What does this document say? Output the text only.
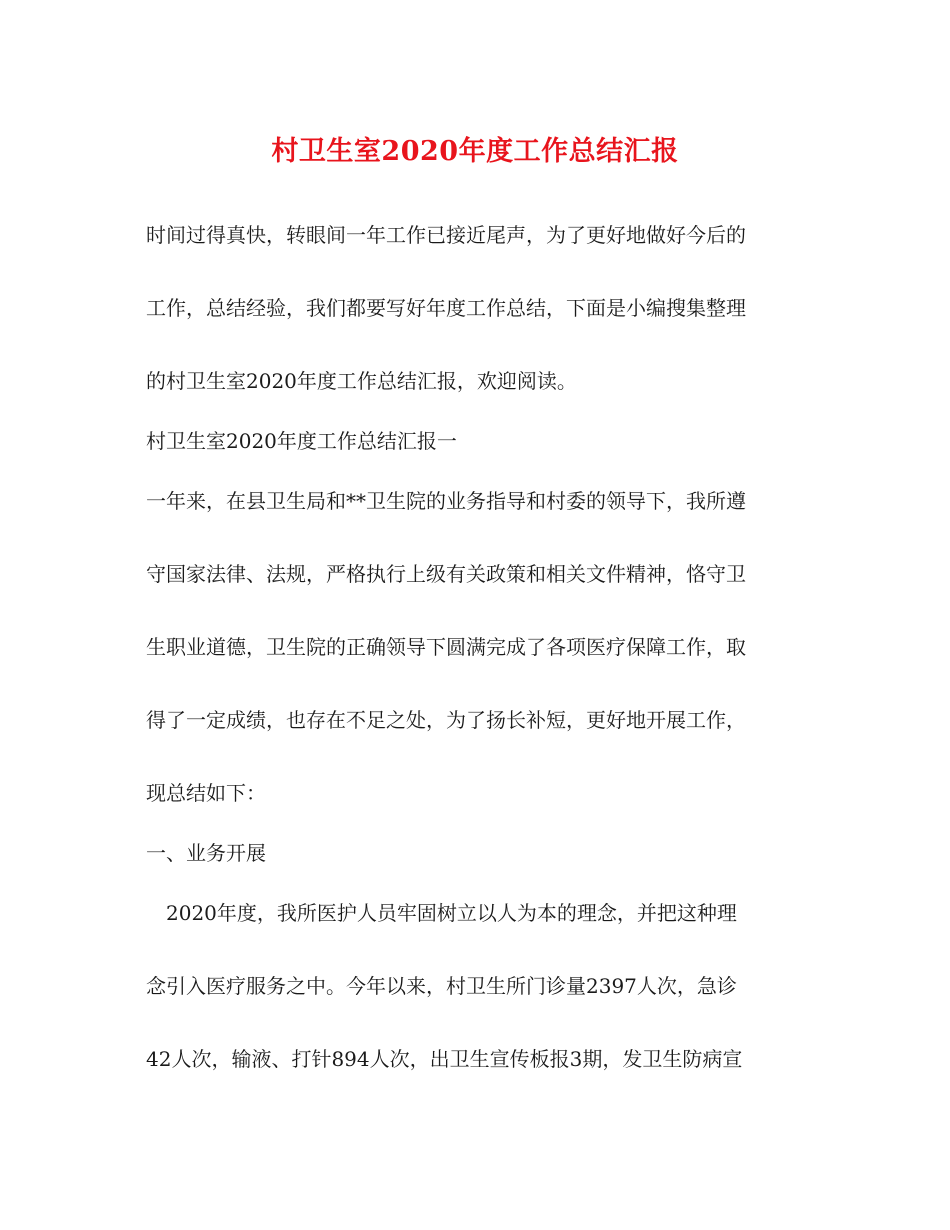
村卫生室2020年度工作总结汇报
时间过得真快，转眼间一年工作已接近尾声，为了更好地做好今后的
工作，总结经验，我们都要写好年度工作总结，下面是小编搜集整理
的村卫生室2020年度工作总结汇报，欢迎阅读。
村卫生室2020年度工作总结汇报一
一年来，在县卫生局和**卫生院的业务指导和村委的领导下，我所遵
守国家法律、法规，严格执行上级有关政策和相关文件精神，恪守卫
生职业道德，卫生院的正确领导下圆满完成了各项医疗保障工作，取
得了一定成绩，也存在不足之处，为了扬长补短，更好地开展工作，
现总结如下：
一、业务开展
　2020年度，我所医护人员牢固树立以人为本的理念，并把这种理
念引入医疗服务之中。今年以来，村卫生所门诊量2397人次，急诊
42人次，输液、打针894人次，出卫生宣传板报3期，发卫生防病宣
